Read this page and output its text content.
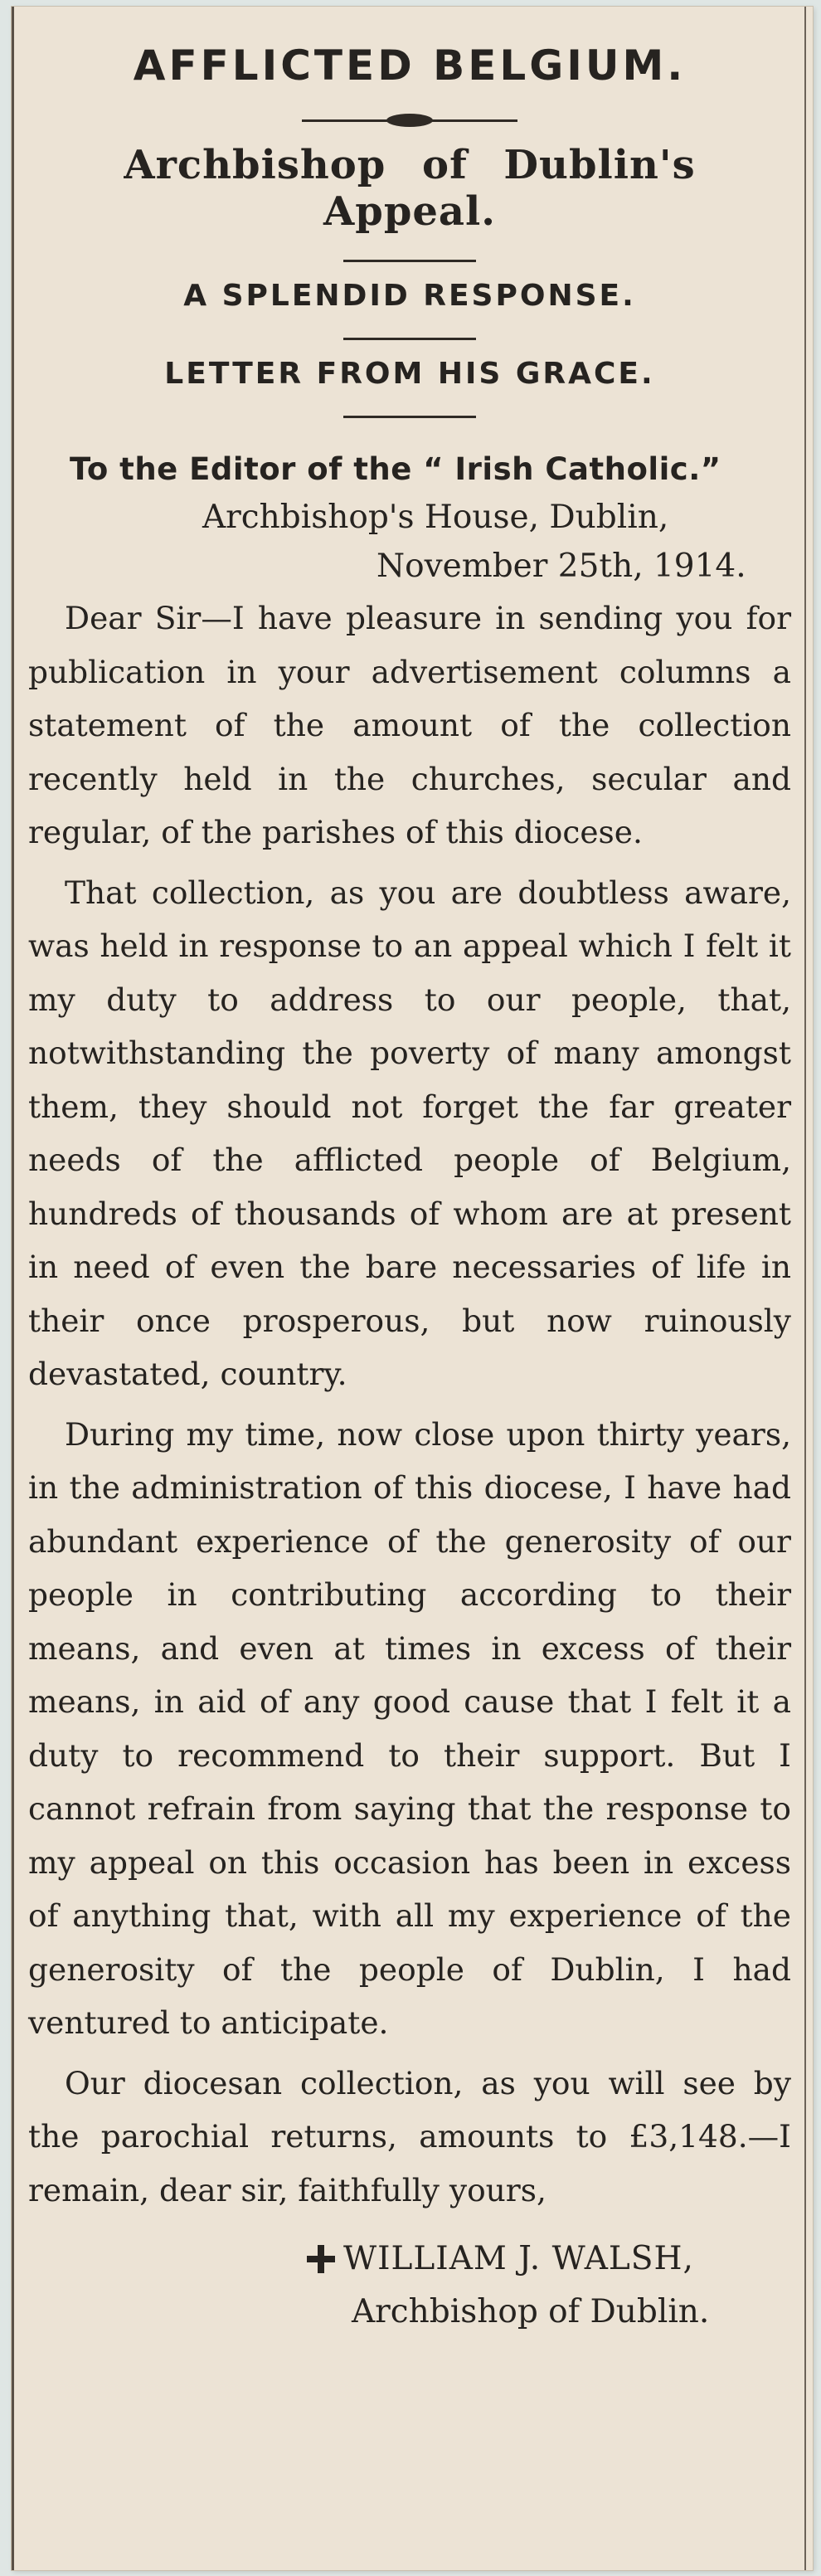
AFFLICTED BELGIUM.
Archbishop of Dublin's Appeal.
A SPLENDID RESPONSE.
LETTER FROM HIS GRACE.
To the Editor of the “ Irish Catholic.”
Archbishop's House, Dublin,
November 25th, 1914.

Dear Sir—I have pleasure in sending you for publication in your advertisement columns a statement of the amount of the collection recently held in the churches, secular and regular, of the parishes of this diocese.

That collection, as you are doubtless aware, was held in response to an appeal which I felt it my duty to address to our people, that, notwithstanding the poverty of many amongst them, they should not forget the far greater needs of the afflicted people of Belgium, hundreds of thousands of whom are at present in need of even the bare necessaries of life in their once prosperous, but now ruinously devastated, country.

During my time, now close upon thirty years, in the administration of this diocese, I have had abundant experience of the generosity of our people in contributing according to their means, and even at times in excess of their means, in aid of any good cause that I felt it a duty to recommend to their support. But I cannot refrain from saying that the response to my appeal on this occasion has been in excess of anything that, with all my experience of the generosity of the people of Dublin, I had ventured to anticipate.

Our diocesan collection, as you will see by the parochial returns, amounts to £3,148.—I remain, dear sir, faithfully yours,

WILLIAM J. WALSH,
Archbishop of Dublin.
